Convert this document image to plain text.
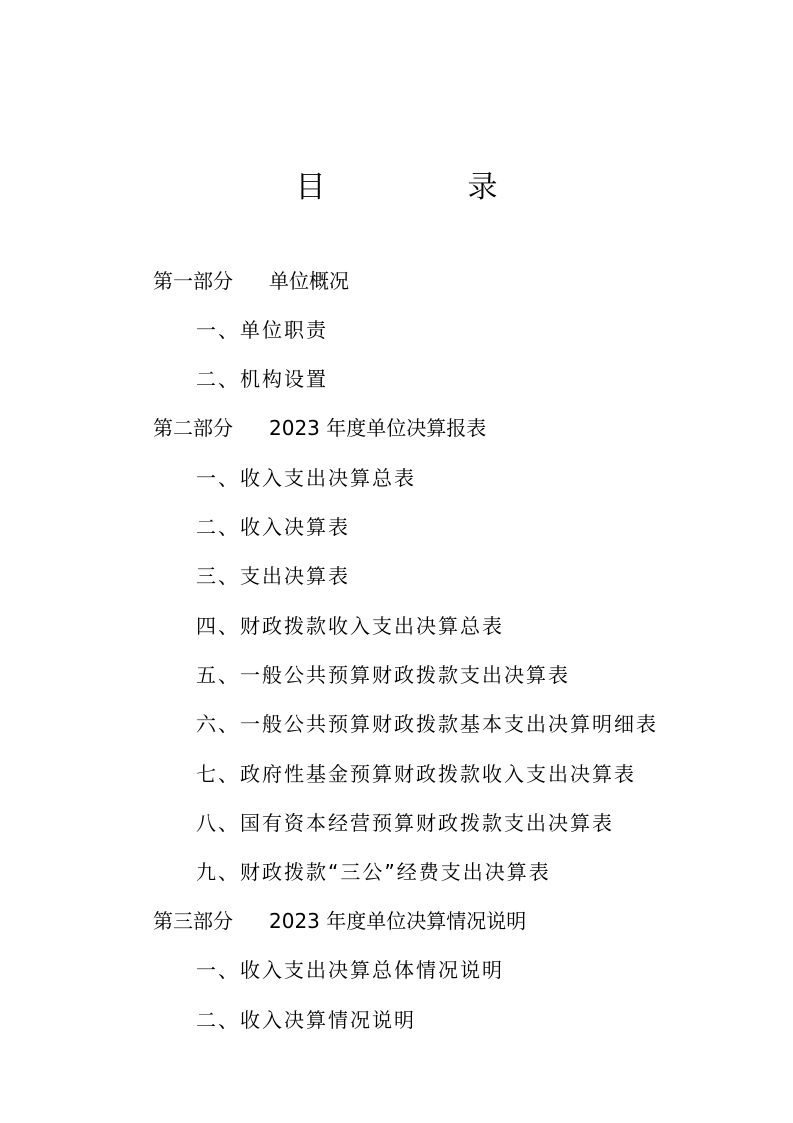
目　录
第一部分 单位概况
一、单位职责
二、机构设置
第二部分 2023 年度单位决算报表
一、收入支出决算总表
二、收入决算表
三、支出决算表
四、财政拨款收入支出决算总表
五、一般公共预算财政拨款支出决算表
六、一般公共预算财政拨款基本支出决算明细表
七、政府性基金预算财政拨款收入支出决算表
八、国有资本经营预算财政拨款支出决算表
九、财政拨款“三公”经费支出决算表
第三部分 2023 年度单位决算情况说明
一、收入支出决算总体情况说明
二、收入决算情况说明
